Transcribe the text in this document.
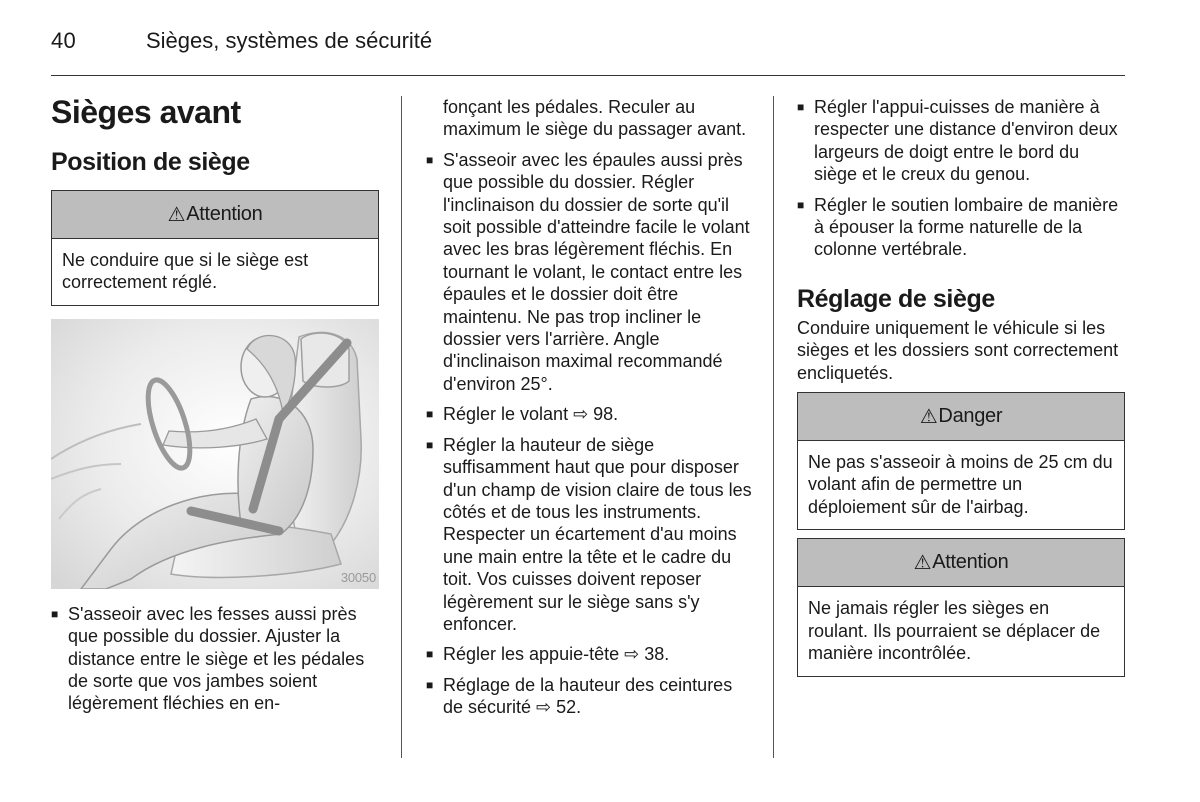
40	Sièges, systèmes de sécurité
Sièges avant
Position de siège
⚠ Attention
Ne conduire que si le siège est correctement réglé.
30050
■ S'asseoir avec les fesses aussi près que possible du dossier. Ajuster la distance entre le siège et les pédales de sorte que vos jambes soient légèrement fléchies en en-
fonçant les pédales. Reculer au maximum le siège du passager avant.
■ S'asseoir avec les épaules aussi près que possible du dossier. Régler l'inclinaison du dossier de sorte qu'il soit possible d'atteindre facile le volant avec les bras légèrement fléchis. En tournant le volant, le contact entre les épaules et le dossier doit être maintenu. Ne pas trop incliner le dossier vers l'arrière. Angle d'inclinaison maximal recommandé d'environ 25°.
■ Régler le volant ⇨ 98.
■ Régler la hauteur de siège suffisamment haut que pour disposer d'un champ de vision claire de tous les côtés et de tous les instruments. Respecter un écartement d'au moins une main entre la tête et le cadre du toit. Vos cuisses doivent reposer légèrement sur le siège sans s'y enfoncer.
■ Régler les appuie-tête ⇨ 38.
■ Réglage de la hauteur des ceintures de sécurité ⇨ 52.
■ Régler l'appui-cuisses de manière à respecter une distance d'environ deux largeurs de doigt entre le bord du siège et le creux du genou.
■ Régler le soutien lombaire de manière à épouser la forme naturelle de la colonne vertébrale.
Réglage de siège
Conduire uniquement le véhicule si les sièges et les dossiers sont correctement encliquetés.
⚠ Danger
Ne pas s'asseoir à moins de 25 cm du volant afin de permettre un déploiement sûr de l'airbag.
⚠ Attention
Ne jamais régler les sièges en roulant. Ils pourraient se déplacer de manière incontrôlée.
